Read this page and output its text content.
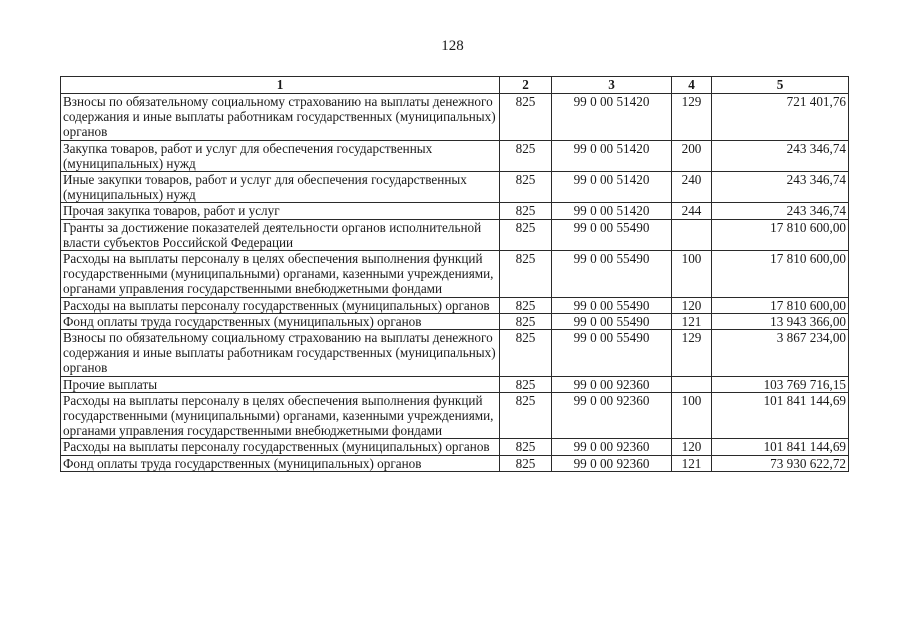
128
1	2	3	4	5
Взносы по обязательному социальному страхованию на выплаты денежного содержания и иные выплаты работникам государственных (муниципальных) органов	825	99 0 00 51420	129	721 401,76
Закупка товаров, работ и услуг для обеспечения государственных (муниципальных) нужд	825	99 0 00 51420	200	243 346,74
Иные закупки товаров, работ и услуг для обеспечения государственных (муниципальных) нужд	825	99 0 00 51420	240	243 346,74
Прочая закупка товаров, работ и услуг	825	99 0 00 51420	244	243 346,74
Гранты за достижение показателей деятельности органов исполнительной власти субъектов Российской Федерации	825	99 0 00 55490		17 810 600,00
Расходы на выплаты персоналу в целях обеспечения выполнения функций государственными (муниципальными) органами, казенными учреждениями, органами управления государственными внебюджетными фондами	825	99 0 00 55490	100	17 810 600,00
Расходы на выплаты персоналу государственных (муниципальных) органов	825	99 0 00 55490	120	17 810 600,00
Фонд оплаты труда государственных (муниципальных) органов	825	99 0 00 55490	121	13 943 366,00
Взносы по обязательному социальному страхованию на выплаты денежного содержания и иные выплаты работникам государственных (муниципальных) органов	825	99 0 00 55490	129	3 867 234,00
Прочие выплаты	825	99 0 00 92360		103 769 716,15
Расходы на выплаты персоналу в целях обеспечения выполнения функций государственными (муниципальными) органами, казенными учреждениями, органами управления государственными внебюджетными фондами	825	99 0 00 92360	100	101 841 144,69
Расходы на выплаты персоналу государственных (муниципальных) органов	825	99 0 00 92360	120	101 841 144,69
Фонд оплаты труда государственных (муниципальных) органов	825	99 0 00 92360	121	73 930 622,72
